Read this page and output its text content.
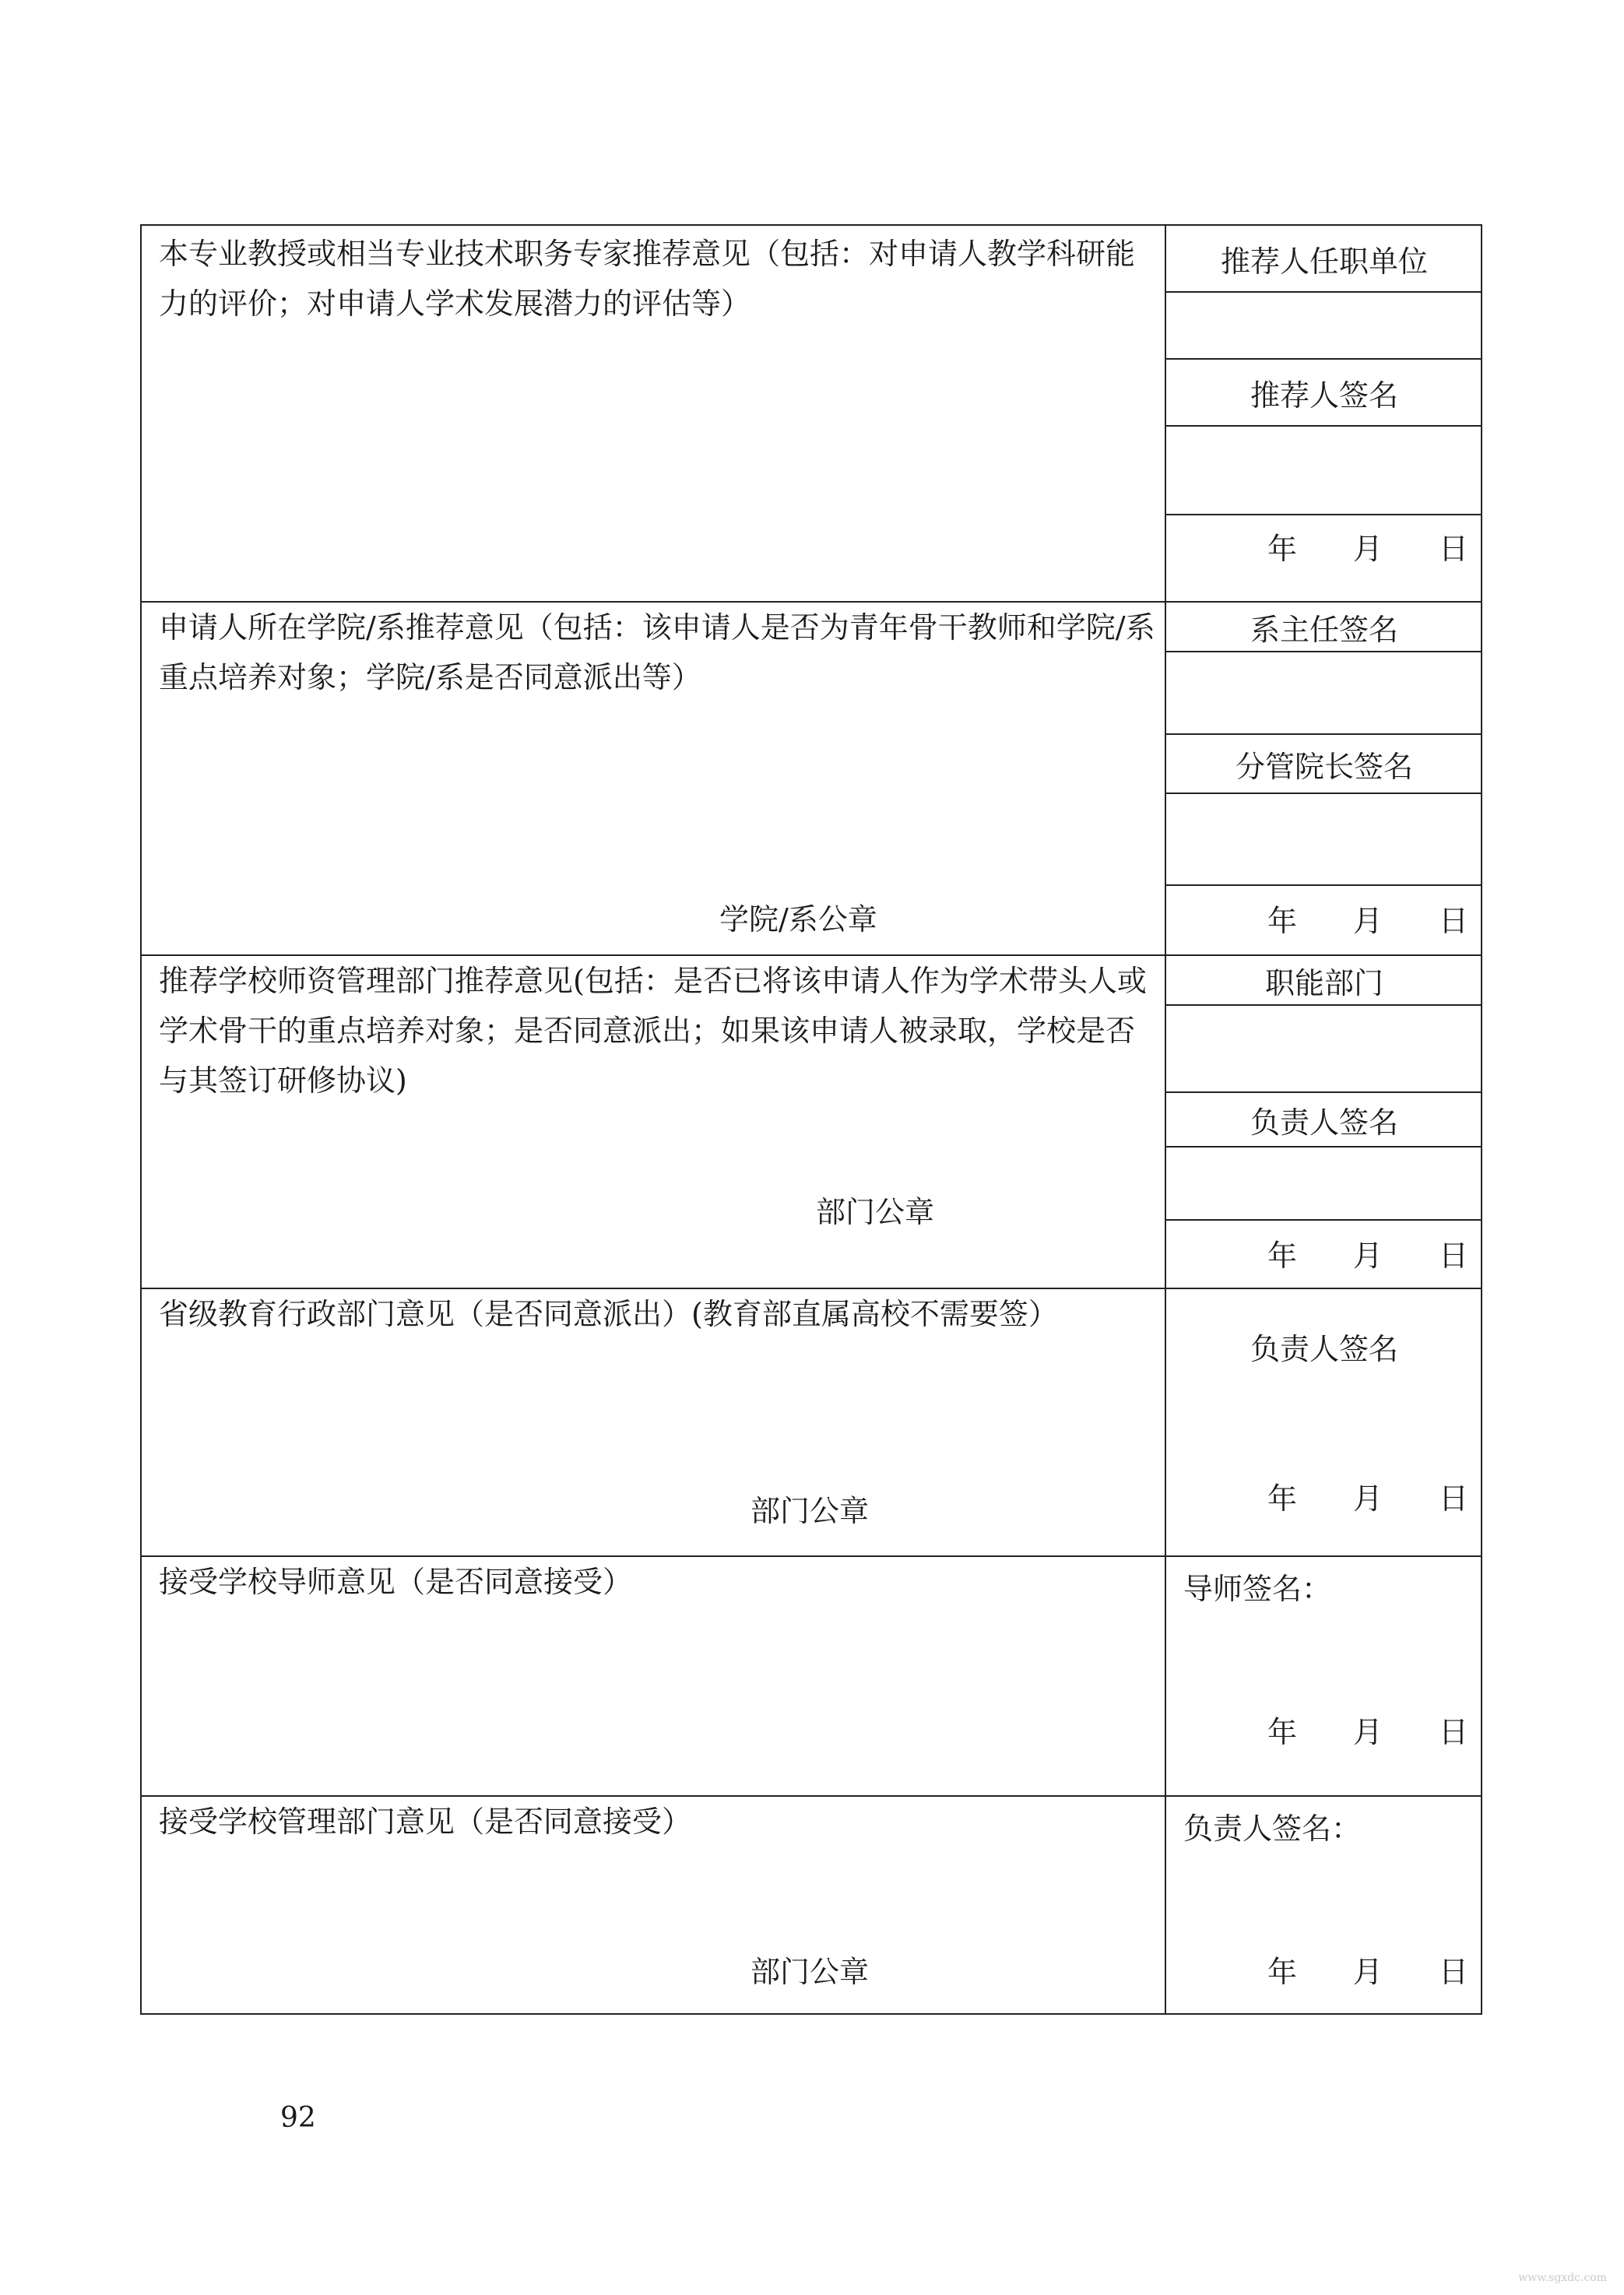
本专业教授或相当专业技术职务专家推荐意见（包括：对申请人教学科研能力的评价；对申请人学术发展潜力的评估等）
推荐人任职单位
推荐人签名
年 月 日
申请人所在学院/系推荐意见（包括：该申请人是否为青年骨干教师和学院/系重点培养对象；学院/系是否同意派出等）
学院/系公章
系主任签名
分管院长签名
年 月 日
推荐学校师资管理部门推荐意见(包括：是否已将该申请人作为学术带头人或学术骨干的重点培养对象；是否同意派出；如果该申请人被录取，学校是否与其签订研修协议)
部门公章
职能部门
负责人签名
年 月 日
省级教育行政部门意见（是否同意派出）(教育部直属高校不需要签）
部门公章
负责人签名
年 月 日
接受学校导师意见（是否同意接受）	导师签名：
年 月 日
接受学校管理部门意见（是否同意接受）
部门公章
负责人签名：
年 月 日
92
www.sgxdc.com
